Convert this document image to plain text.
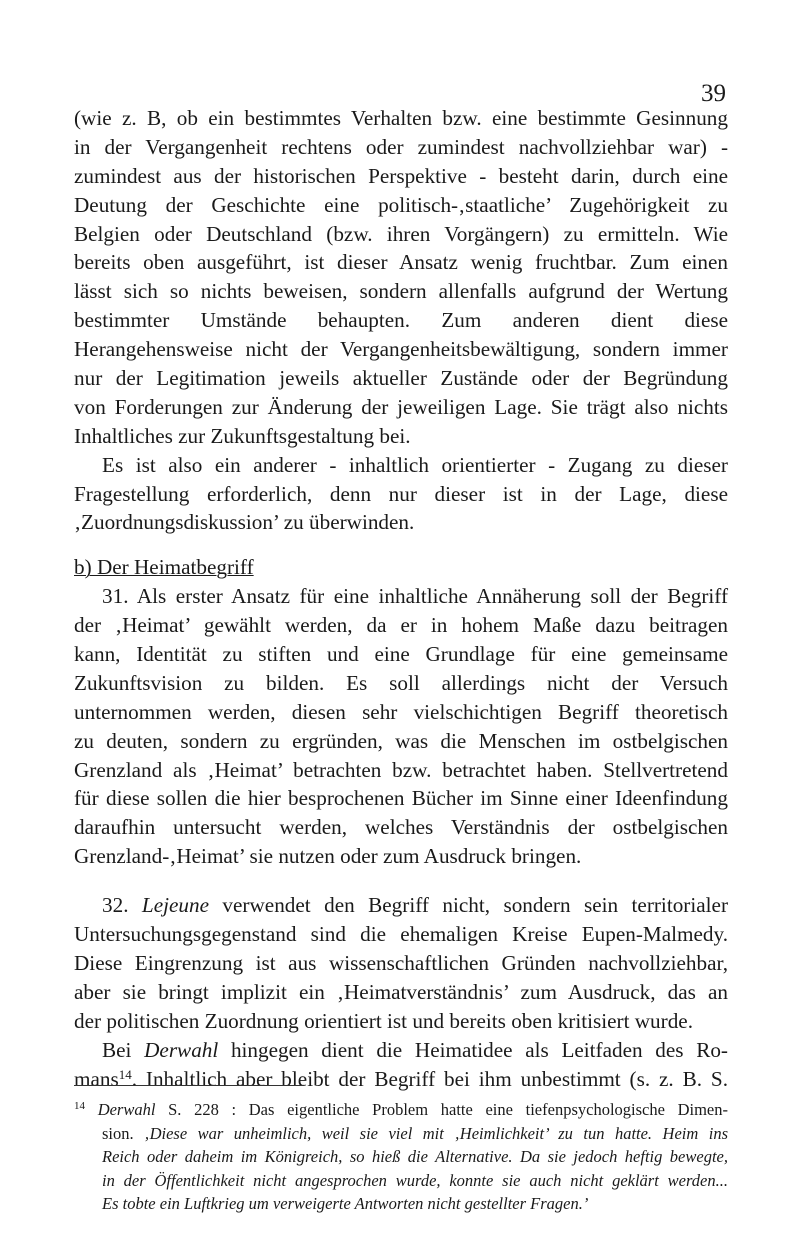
39
(wie z. B, ob ein bestimmtes Verhalten bzw. eine bestimmte Gesinnung
in der Vergangenheit rechtens oder zumindest nachvollziehbar war) -
zumindest aus der historischen Perspektive - besteht darin, durch eine
Deutung der Geschichte eine politisch-‚staatliche’ Zugehörigkeit zu
Belgien oder Deutschland (bzw. ihren Vorgängern) zu ermitteln. Wie
bereits oben ausgeführt, ist dieser Ansatz wenig fruchtbar. Zum einen
lässt sich so nichts beweisen, sondern allenfalls aufgrund der Wertung
bestimmter Umstände behaupten. Zum anderen dient diese
Herangehensweise nicht der Vergangenheitsbewältigung, sondern immer
nur der Legitimation jeweils aktueller Zustände oder der Begründung
von Forderungen zur Änderung der jeweiligen Lage. Sie trägt also nichts
Inhaltliches zur Zukunftsgestaltung bei.
Es ist also ein anderer - inhaltlich orientierter - Zugang zu dieser
Fragestellung erforderlich, denn nur dieser ist in der Lage, diese
‚Zuordnungsdiskussion’ zu überwinden.
b) Der Heimatbegriff
31. Als erster Ansatz für eine inhaltliche Annäherung soll der Begriff
der ‚Heimat’ gewählt werden, da er in hohem Maße dazu beitragen
kann, Identität zu stiften und eine Grundlage für eine gemeinsame
Zukunftsvision zu bilden. Es soll allerdings nicht der Versuch
unternommen werden, diesen sehr vielschichtigen Begriff theoretisch
zu deuten, sondern zu ergründen, was die Menschen im ostbelgischen
Grenzland als ‚Heimat’ betrachten bzw. betrachtet haben. Stellvertretend
für diese sollen die hier besprochenen Bücher im Sinne einer Ideenfindung
daraufhin untersucht werden, welches Verständnis der ostbelgischen
Grenzland-‚Heimat’ sie nutzen oder zum Ausdruck bringen.
32. Lejeune verwendet den Begriff nicht, sondern sein territorialer
Untersuchungsgegenstand sind die ehemaligen Kreise Eupen-Malmedy.
Diese Eingrenzung ist aus wissenschaftlichen Gründen nachvollziehbar,
aber sie bringt implizit ein ‚Heimatverständnis’ zum Ausdruck, das an
der politischen Zuordnung orientiert ist und bereits oben kritisiert wurde.
Bei Derwahl hingegen dient die Heimatidee als Leitfaden des Ro-
mans$^{14}$. Inhaltlich aber bleibt der Begriff bei ihm unbestimmt (s. z. B. S.
$^{14}$ Derwahl S. 228 : Das eigentliche Problem hatte eine tiefenpsychologische Dimen-
sion. ‚Diese war unheimlich, weil sie viel mit ‚Heimlichkeit’ zu tun hatte. Heim ins
Reich oder daheim im Königreich, so hieß die Alternative. Da sie jedoch heftig bewegte,
in der Öffentlichkeit nicht angesprochen wurde, konnte sie auch nicht geklärt werden...
Es tobte ein Luftkrieg um verweigerte Antworten nicht gestellter Fragen.’
